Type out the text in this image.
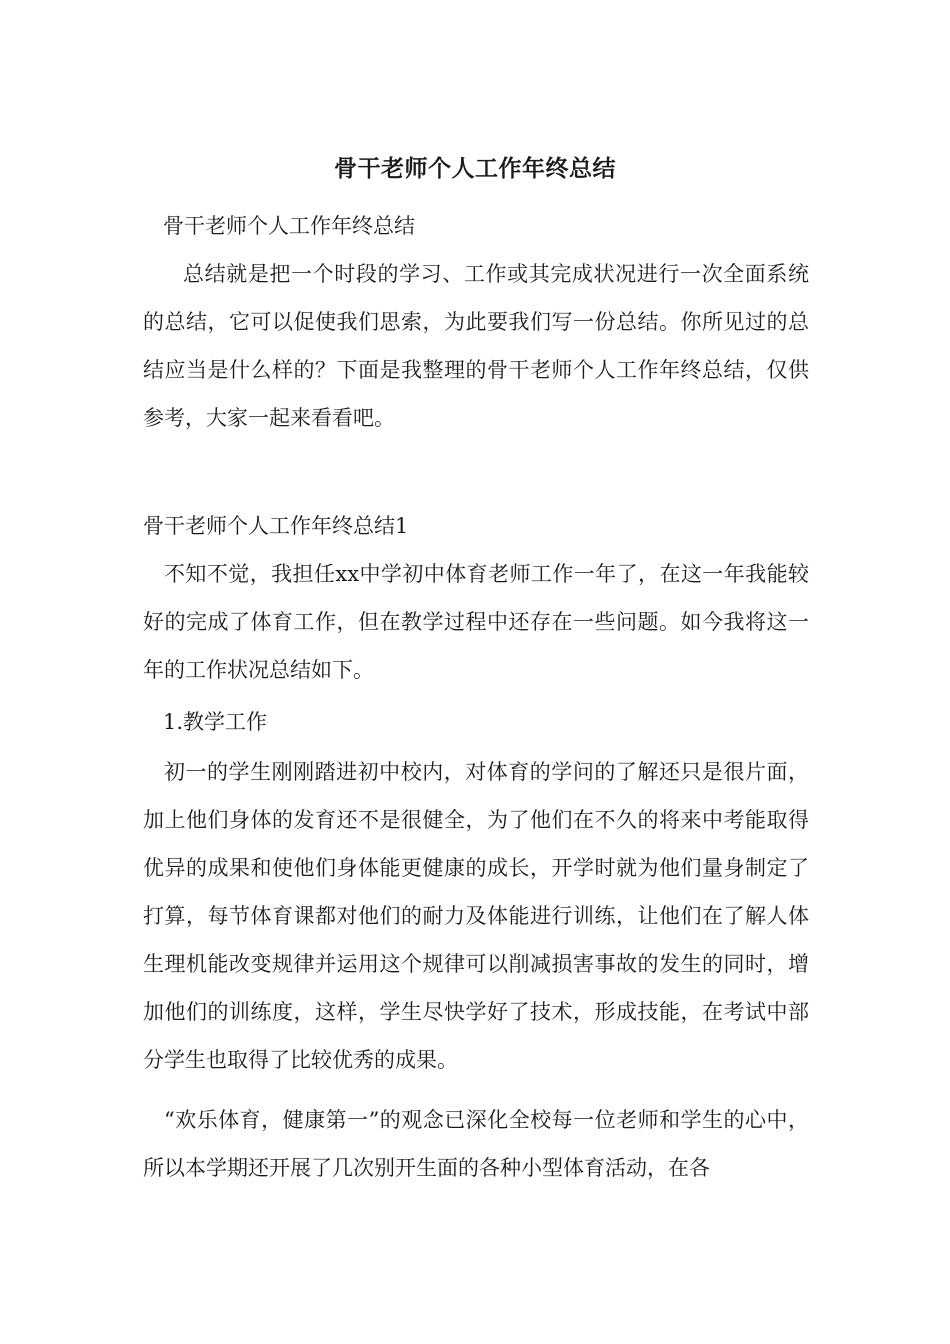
骨干老师个人工作年终总结

骨干老师个人工作年终总结

总结就是把一个时段的学习、工作或其完成状况进行一次全面系统的总结，它可以促使我们思索，为此要我们写一份总结。你所见过的总结应当是什么样的？下面是我整理的骨干老师个人工作年终总结，仅供参考，大家一起来看看吧。

骨干老师个人工作年终总结1

不知不觉，我担任xx中学初中体育老师工作一年了，在这一年我能较好的完成了体育工作，但在教学过程中还存在一些问题。如今我将这一年的工作状况总结如下。

1.教学工作

初一的学生刚刚踏进初中校内，对体育的学问的了解还只是很片面，加上他们身体的发育还不是很健全，为了他们在不久的将来中考能取得优异的成果和使他们身体能更健康的成长，开学时就为他们量身制定了打算，每节体育课都对他们的耐力及体能进行训练，让他们在了解人体生理机能改变规律并运用这个规律可以削减损害事故的发生的同时，增加他们的训练度，这样，学生尽快学好了技术，形成技能，在考试中部分学生也取得了比较优秀的成果。

“欢乐体育，健康第一”的观念已深化全校每一位老师和学生的心中，所以本学期还开展了几次别开生面的各种小型体育活动，在各
